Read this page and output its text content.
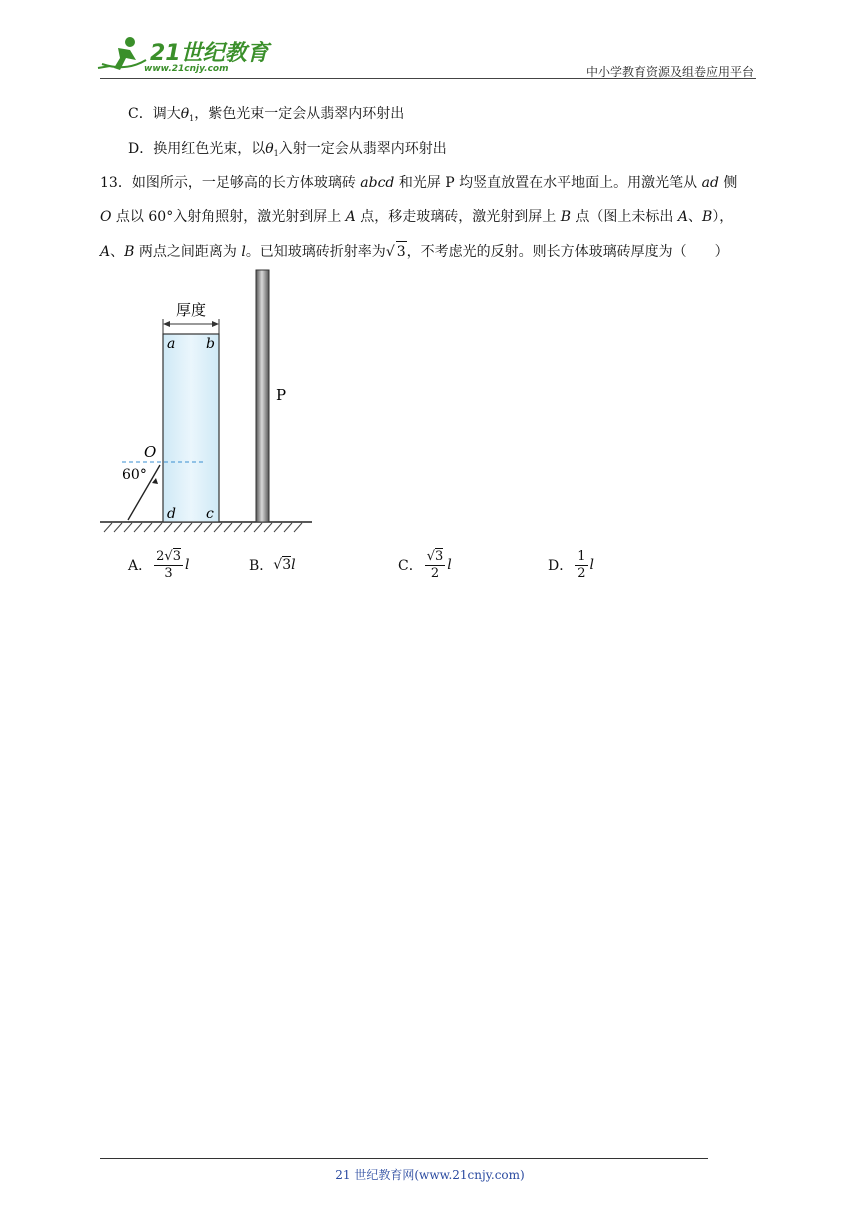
21世纪教育
www.21cnjy.com	中小学教育资源及组卷应用平台
C．调大$\theta_1$，紫色光束一定会从翡翠内环射出
D．换用红色光束，以$\theta_1$入射一定会从翡翠内环射出
13．如图所示，一足够高的长方体玻璃砖 abcd 和光屏 P 均竖直放置在水平地面上。用激光笔从 ad 侧
O 点以 60°入射角照射，激光射到屏上 A 点，移走玻璃砖，激光射到屏上 B 点（图上未标出 A、B），
A、B 两点之间距离为 l。已知玻璃砖折射率为√ 3，不考虑光的反射。则长方体玻璃砖厚度为（　　）
厚度
a b
d c
O
60°
P
A． $\frac{2√3}{3}$ l	B． √3 l	C． $\frac{√3}{2}$ l	D． $\frac{1}{2}$ l
21 世纪教育网(www.21cnjy.com)
